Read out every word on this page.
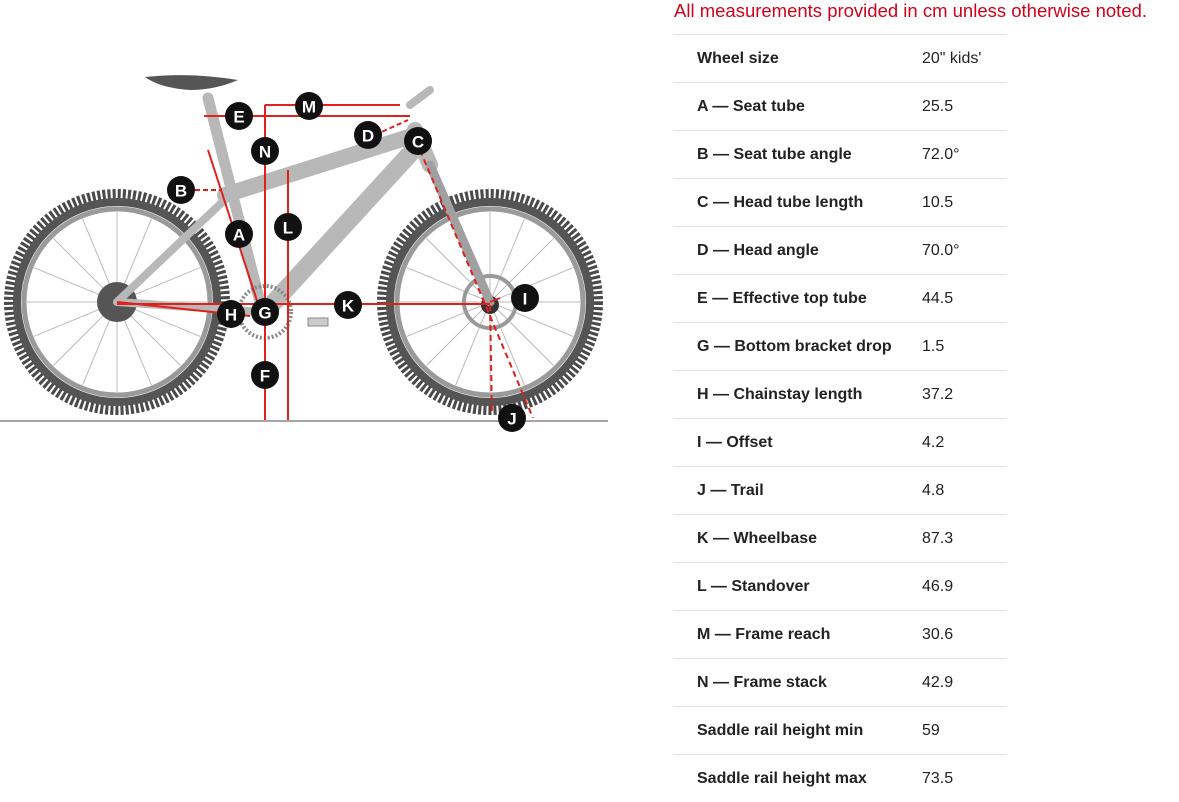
A
B
C
D
E
F
G
H
I
J
K
L
M
N
All measurements provided in cm unless otherwise noted.
Wheel size	20" kids'
A — Seat tube	25.5
B — Seat tube angle	72.0°
C — Head tube length	10.5
D — Head angle	70.0°
E — Effective top tube	44.5
G — Bottom bracket drop	1.5
H — Chainstay length	37.2
I — Offset	4.2
J — Trail	4.8
K — Wheelbase	87.3
L — Standover	46.9
M — Frame reach	30.6
N — Frame stack	42.9
Saddle rail height min	59
Saddle rail height max	73.5
